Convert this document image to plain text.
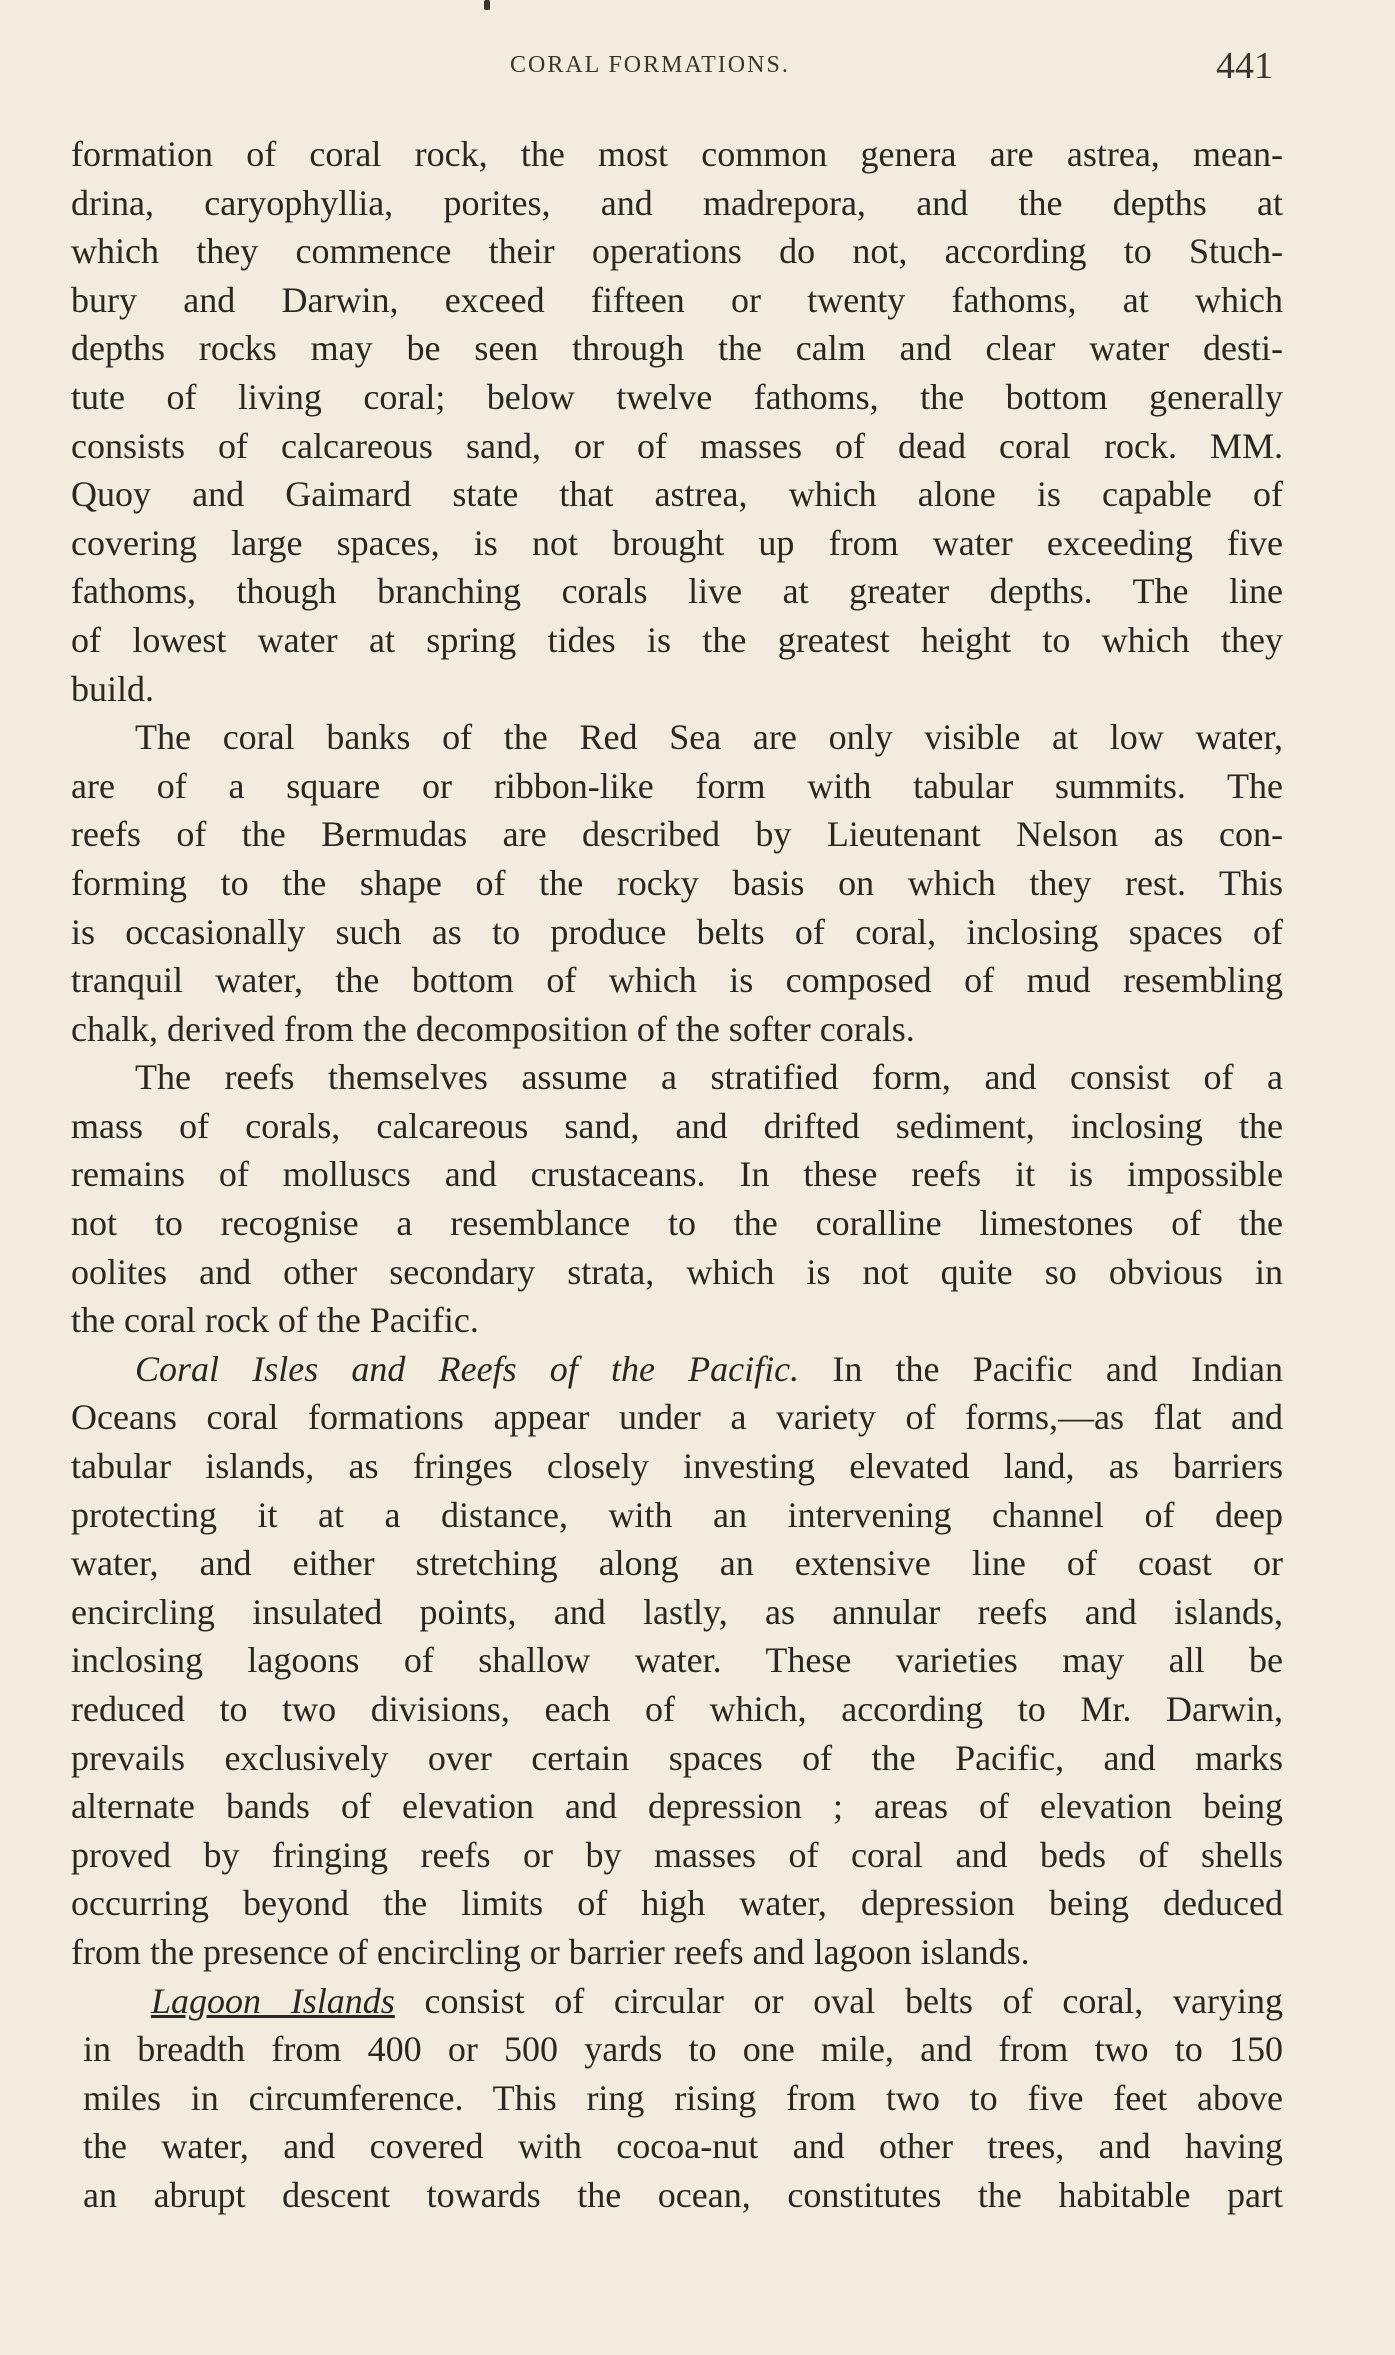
CORAL FORMATIONS.	441
formation of coral rock, the most common genera are astrea, mean-
drina, caryophyllia, porites, and madrepora, and the depths at
which they commence their operations do not, according to Stuch-
bury and Darwin, exceed fifteen or twenty fathoms, at which
depths rocks may be seen through the calm and clear water desti-
tute of living coral; below twelve fathoms, the bottom generally
consists of calcareous sand, or of masses of dead coral rock. MM.
Quoy and Gaimard state that astrea, which alone is capable of
covering large spaces, is not brought up from water exceeding five
fathoms, though branching corals live at greater depths. The line
of lowest water at spring tides is the greatest height to which they
build.
The coral banks of the Red Sea are only visible at low water,
are of a square or ribbon-like form with tabular summits. The
reefs of the Bermudas are described by Lieutenant Nelson as con-
forming to the shape of the rocky basis on which they rest. This
is occasionally such as to produce belts of coral, inclosing spaces of
tranquil water, the bottom of which is composed of mud resembling
chalk, derived from the decomposition of the softer corals.
The reefs themselves assume a stratified form, and consist of a
mass of corals, calcareous sand, and drifted sediment, inclosing the
remains of molluscs and crustaceans. In these reefs it is impossible
not to recognise a resemblance to the coralline limestones of the
oolites and other secondary strata, which is not quite so obvious in
the coral rock of the Pacific.
Coral Isles and Reefs of the Pacific. In the Pacific and Indian
Oceans coral formations appear under a variety of forms,—as flat and
tabular islands, as fringes closely investing elevated land, as barriers
protecting it at a distance, with an intervening channel of deep
water, and either stretching along an extensive line of coast or
encircling insulated points, and lastly, as annular reefs and islands,
inclosing lagoons of shallow water. These varieties may all be
reduced to two divisions, each of which, according to Mr. Darwin,
prevails exclusively over certain spaces of the Pacific, and marks
alternate bands of elevation and depression ; areas of elevation being
proved by fringing reefs or by masses of coral and beds of shells
occurring beyond the limits of high water, depression being deduced
from the presence of encircling or barrier reefs and lagoon islands.
Lagoon Islands consist of circular or oval belts of coral, varying
in breadth from 400 or 500 yards to one mile, and from two to 150
miles in circumference. This ring rising from two to five feet above
the water, and covered with cocoa-nut and other trees, and having
an abrupt descent towards the ocean, constitutes the habitable part
